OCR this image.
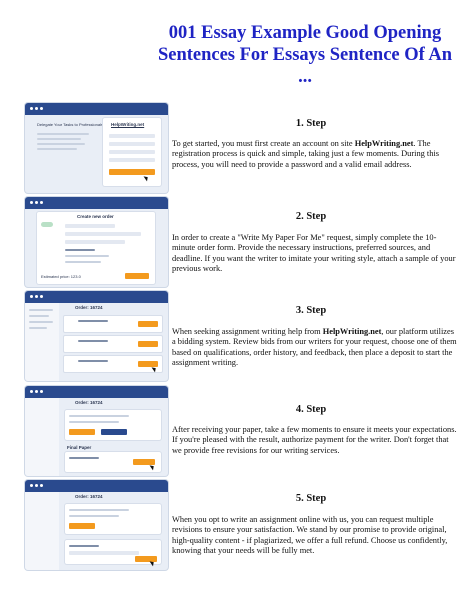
001 Essay Example Good Opening Sentences For Essays Sentence Of An ...
Delegate Your Tasks to Professionals HelpWriting.net	1. Step
To get started, you must first create an account on site HelpWriting.net. The registration process is quick and simple, taking just a few moments. During this process, you will need to provide a password and a valid email address.
Create new order
Estimated price: 123.0
2. Step
In order to create a "Write My Paper For Me" request, simply complete the 10-minute order form. Provide the necessary instructions, preferred sources, and deadline. If you want the writer to imitate your writing style, attach a sample of your previous work.
Order: 16724	3. Step
When seeking assignment writing help from HelpWriting.net, our platform utilizes a bidding system. Review bids from our writers for your request, choose one of them based on qualifications, order history, and feedback, then place a deposit to start the assignment writing.
Order: 16724
Final Paper
4. Step
After receiving your paper, take a few moments to ensure it meets your expectations. If you're pleased with the result, authorize payment for the writer. Don't forget that we provide free revisions for our writing services.
Order: 16724	5. Step
When you opt to write an assignment online with us, you can request multiple revisions to ensure your satisfaction. We stand by our promise to provide original, high-quality content - if plagiarized, we offer a full refund. Choose us confidently, knowing that your needs will be fully met.
